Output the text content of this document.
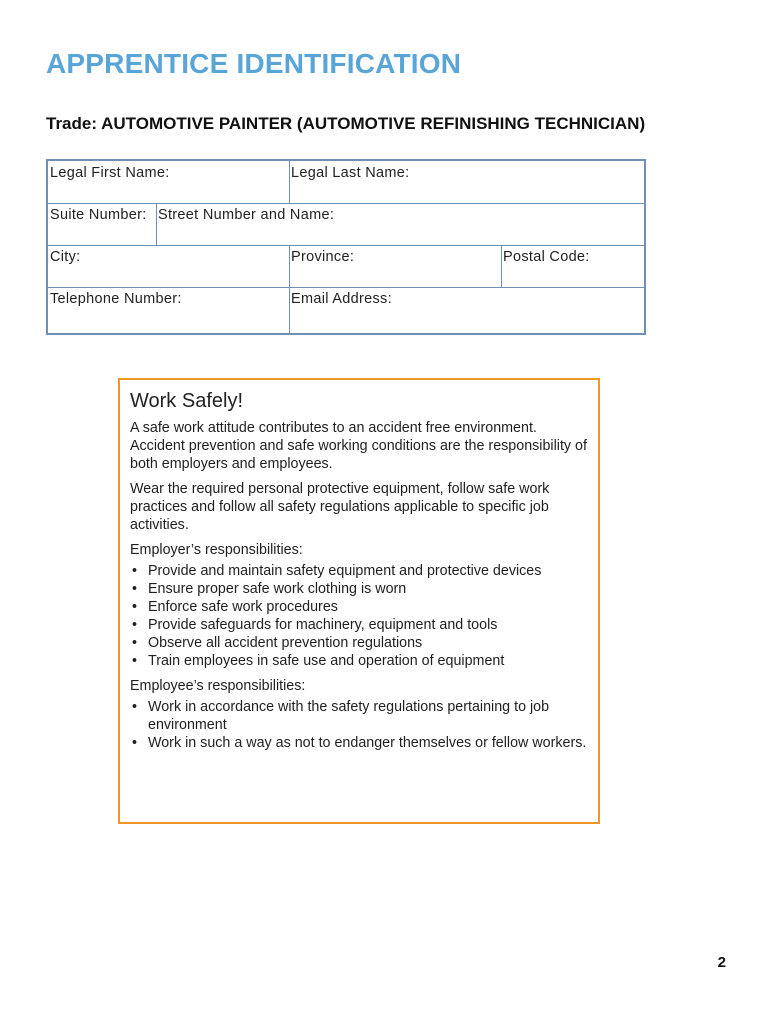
APPRENTICE IDENTIFICATION
Trade: AUTOMOTIVE PAINTER (AUTOMOTIVE REFINISHING TECHNICIAN)
Legal First Name:	Legal Last Name:
Suite Number: Street Number and Name:
City:	Province:	Postal Code:
Telephone Number:	Email Address:
Work Safely!

A safe work attitude contributes to an accident free environment. Accident prevention and safe working conditions are the responsibility of both employers and employees.

Wear the required personal protective equipment, follow safe work practices and follow all safety regulations applicable to specific job activities.

Employer’s responsibilities:

• Provide and maintain safety equipment and protective devices
• Ensure proper safe work clothing is worn
• Enforce safe work procedures
• Provide safeguards for machinery, equipment and tools
• Observe all accident prevention regulations
• Train employees in safe use and operation of equipment

Employee’s responsibilities:

• Work in accordance with the safety regulations pertaining to job environment
• Work in such a way as not to endanger themselves or fellow workers.
2
